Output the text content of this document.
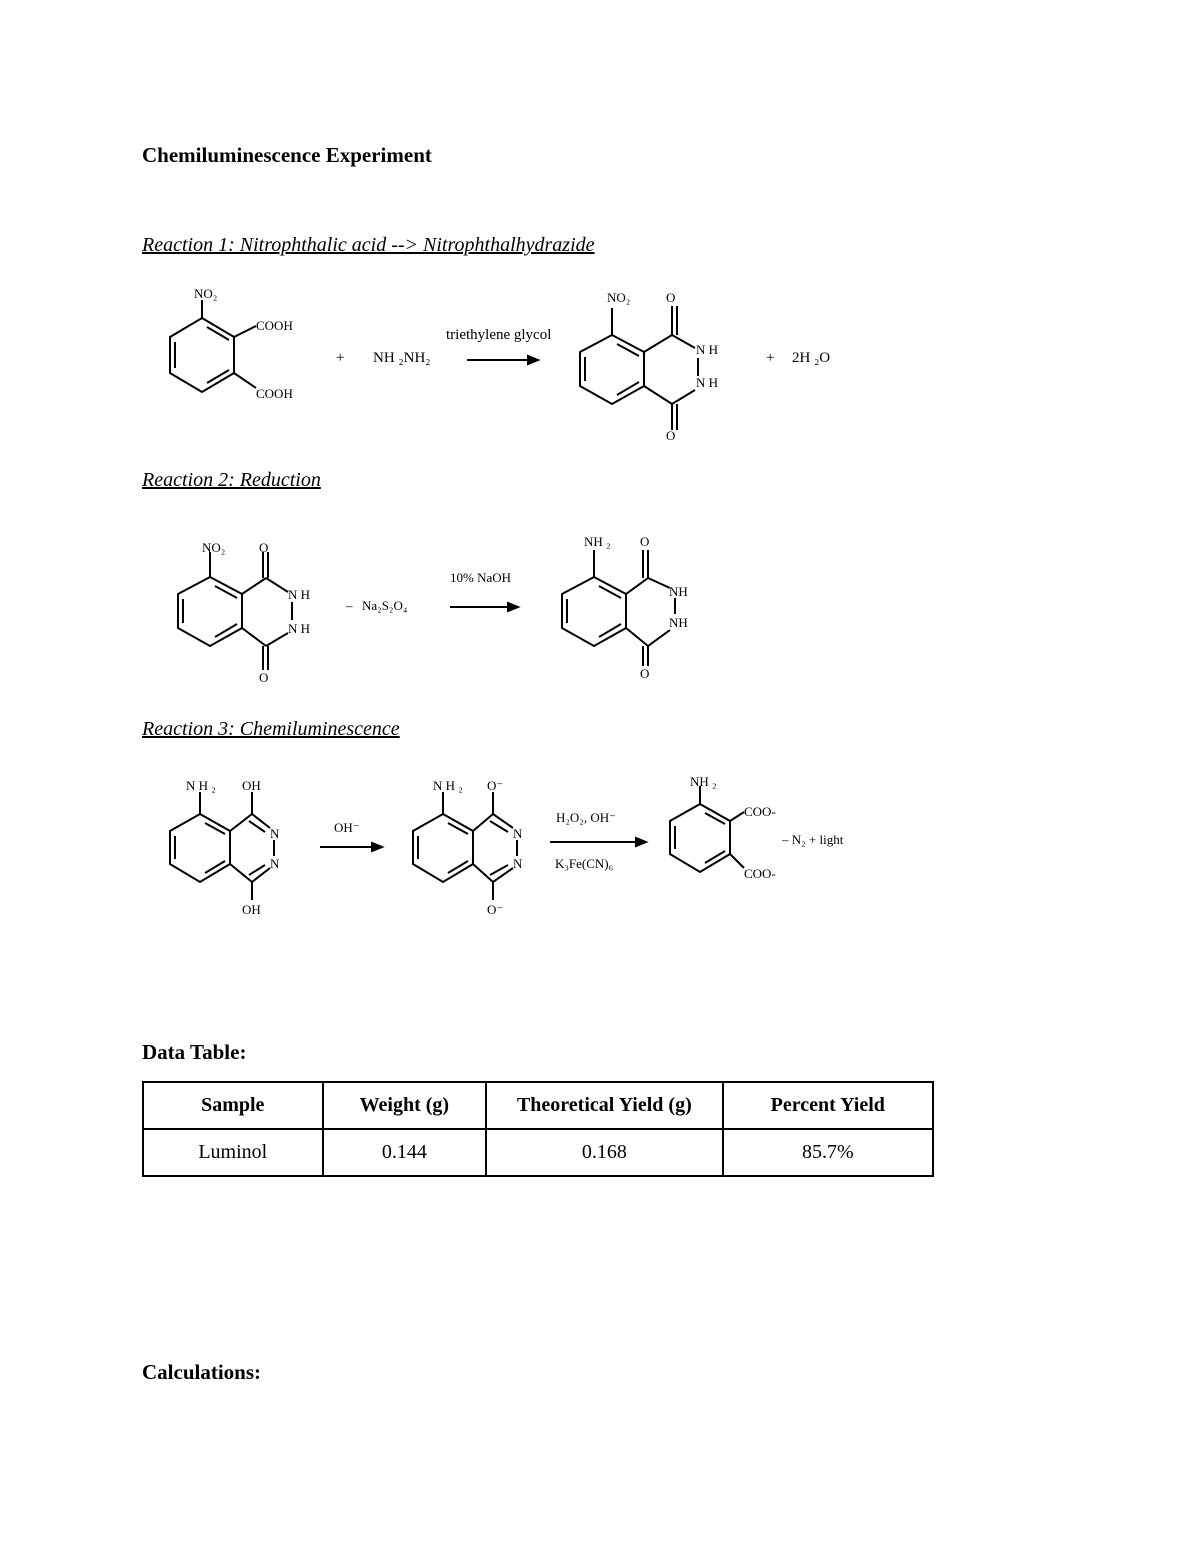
Chemiluminescence Experiment
Reaction 1: Nitrophthalic acid --> Nitrophthalhydrazide
NO₂
COOH
COOH
+ NH ₂NH₂
triethylene glycol
NO₂	O
N H
N H
O
+ 2H ₂O
Reaction 2: Reduction
NO₂	O
N H
N H
O
– Na₂S₂O₄
10% NaOH
NH ₂ O
NH
NH
O
Reaction 3: Chemiluminescence
N H ₂ OH
N
N
OH
OH⁻
N H ₂ O⁻
N
N
O⁻
H₂O₂, OH⁻
K₃Fe(CN)₆
NH ₂
COO-
COO-
– N₂ + light
Data Table:
Sample	Weight (g)	Theoretical Yield (g)	Percent Yield
Luminol	0.144	0.168	85.7%
Calculations:
